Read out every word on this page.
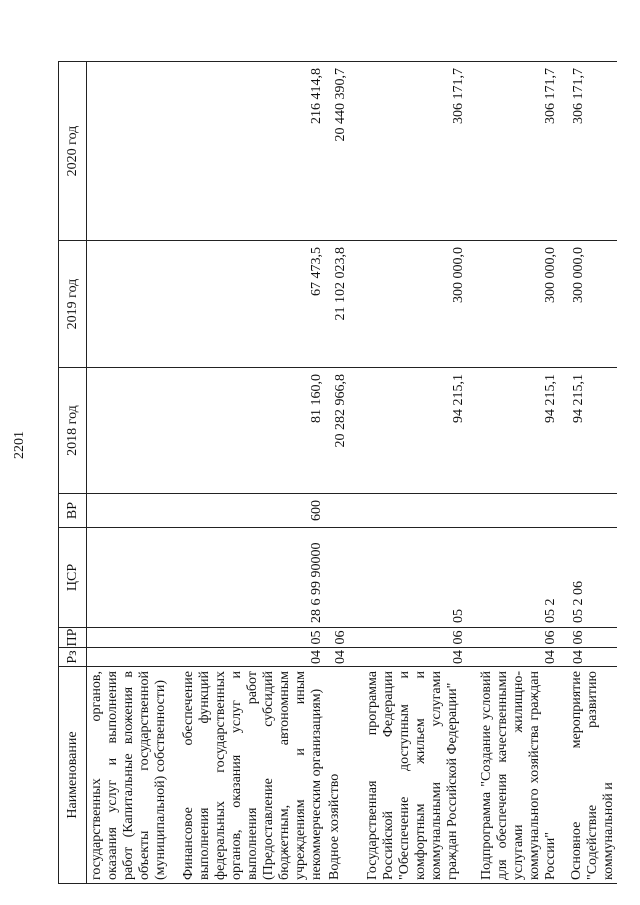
2201
Наименование	Рз	ПР	ЦСР	ВР	2018 год	2019 год	2020 год
государственных органов, оказания услуг и выполнения работ (Капитальные вложения в объекты государственной (муниципальной) собственности)							
Финансовое обеспечение выполнения функций федеральных государственных органов, оказания услуг и выполнения работ (Предоставление субсидий бюджетным, автономным учреждениям и иным некоммерческим организациям)	04	05	28 6 99 90000	600	81 160,0	67 473,5	216 414,8
Водное хозяйство	04	06			20 282 966,8	21 102 023,8	20 440 390,7
Государственная программа Российской Федерации "Обеспечение доступным и комфортным жильем и коммунальными услугами граждан Российской Федерации"	04	06	05		94 215,1	300 000,0	306 171,7
Подпрограмма "Создание условий для обеспечения качественными услугами жилищно-коммунального хозяйства граждан России"	04	06	05 2		94 215,1	300 000,0	306 171,7
Основное мероприятие "Содействие развитию коммунальной и	04	06	05 2 06		94 215,1	300 000,0	306 171,7
